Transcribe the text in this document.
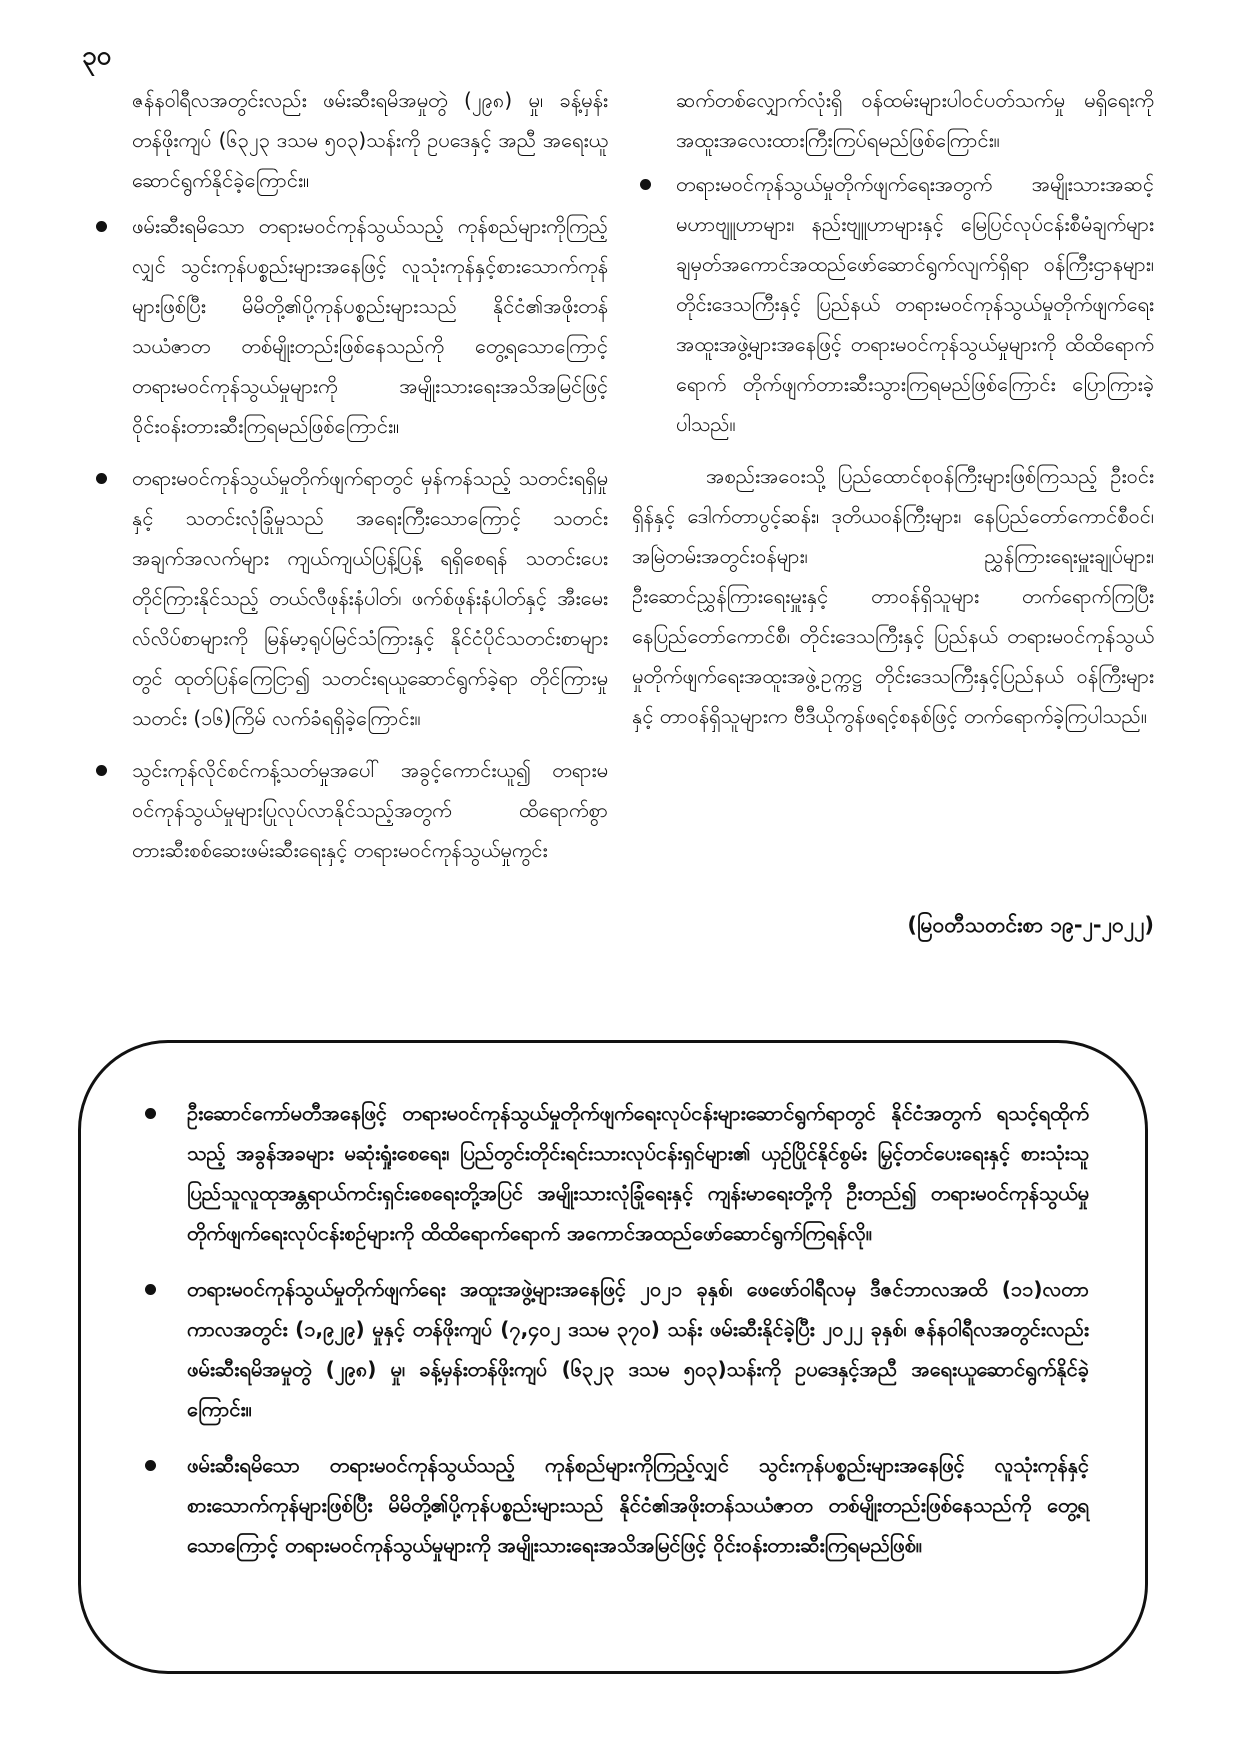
၃၀

ဇန်နဝါရီလအတွင်းလည်း ဖမ်းဆီးရမိအမှုတွဲ (၂၉၈) မှု၊ ခန့်မှန်းတန်ဖိုးကျပ် (၆၃၂၃ ဒသမ ၅၀၃)သန်းကို ဥပဒေနှင့် အညီ အရေးယူဆောင်ရွက်နိုင်ခဲ့ကြောင်း။

ဖမ်းဆီးရမိသော တရားမဝင်ကုန်သွယ်သည့် ကုန်စည်များကိုကြည့်လျှင် သွင်းကုန်ပစ္စည်းများအနေဖြင့် လူသုံးကုန်နှင့်စားသောက်ကုန်များဖြစ်ပြီး မိမိတို့၏ပို့ကုန်ပစ္စည်းများသည် နိုင်ငံ၏အဖိုးတန်သယံဇာတ တစ်မျိုးတည်းဖြစ်နေသည်ကို တွေ့ရသောကြောင့် တရားမဝင်ကုန်သွယ်မှုများကို အမျိုးသားရေးအသိအမြင်ဖြင့် ဝိုင်းဝန်းတားဆီးကြရမည်ဖြစ်ကြောင်း။
တရားမဝင်ကုန်သွယ်မှုတိုက်ဖျက်ရာတွင် မှန်ကန်သည့် သတင်းရရှိမှုနှင့် သတင်းလုံခြုံမှုသည် အရေးကြီးသောကြောင့် သတင်းအချက်အလက်များ ကျယ်ကျယ်ပြန့်ပြန့် ရရှိစေရန် သတင်းပေးတိုင်ကြားနိုင်သည့် တယ်လီဖုန်းနံပါတ်၊ ဖက်စ်ဖုန်းနံပါတ်နှင့် အီးမေးလ်လိပ်စာများကို မြန်မာ့ရုပ်မြင်သံကြားနှင့် နိုင်ငံပိုင်သတင်းစာများတွင် ထုတ်ပြန်ကြေငြာ၍ သတင်းရယူဆောင်ရွက်ခဲ့ရာ တိုင်ကြားမှုသတင်း (၁၆)ကြိမ် လက်ခံရရှိခဲ့ကြောင်း။
သွင်းကုန်လိုင်စင်ကန့်သတ်မှုအပေါ် အခွင့်ကောင်းယူ၍ တရားမဝင်ကုန်သွယ်မှုများပြုလုပ်လာနိုင်သည့်အတွက် ထိရောက်စွာ တားဆီးစစ်ဆေးဖမ်းဆီးရေးနှင့် တရားမဝင်ကုန်သွယ်မှုကွင်း

ဆက်တစ်လျှောက်လုံးရှိ ဝန်ထမ်းများပါဝင်ပတ်သက်မှု မရှိရေးကို အထူးအလေးထားကြီးကြပ်ရမည်ဖြစ်ကြောင်း။

တရားမဝင်ကုန်သွယ်မှုတိုက်ဖျက်ရေးအတွက် အမျိုးသားအဆင့် မဟာဗျူဟာများ၊ နည်းဗျူဟာများနှင့် မြေပြင်လုပ်ငန်းစီမံချက်များ ချမှတ်အကောင်အထည်ဖော်ဆောင်ရွက်လျက်ရှိရာ ဝန်ကြီးဌာနများ၊ တိုင်းဒေသကြီးနှင့် ပြည်နယ် တရားမဝင်ကုန်သွယ်မှုတိုက်ဖျက်ရေး အထူးအဖွဲ့များအနေဖြင့် တရားမဝင်ကုန်သွယ်မှုများကို ထိထိရောက်ရောက် တိုက်ဖျက်တားဆီးသွားကြရမည်ဖြစ်ကြောင်း ပြောကြားခဲ့ပါသည်။

အစည်းအဝေးသို့ ပြည်ထောင်စုဝန်ကြီးများဖြစ်ကြသည့် ဦးဝင်းရှိန်နှင့် ဒေါက်တာပွင့်ဆန်း၊ ဒုတိယဝန်ကြီးများ၊ နေပြည်တော်ကောင်စီဝင်၊ အမြဲတမ်းအတွင်းဝန်များ၊ ညွှန်ကြားရေးမှူးချုပ်များ၊ ဦးဆောင်ညွှန်ကြားရေးမှူးနှင့် တာဝန်ရှိသူများ တက်ရောက်ကြပြီး နေပြည်တော်ကောင်စီ၊ တိုင်းဒေသကြီးနှင့် ပြည်နယ် တရားမဝင်ကုန်သွယ်မှုတိုက်ဖျက်ရေးအထူးအဖွဲ့ဥက္ကဋ္ဌ တိုင်းဒေသကြီးနှင့်ပြည်နယ် ဝန်ကြီးများနှင့် တာဝန်ရှိသူများက ဗီဒီယိုကွန်ဖရင့်စနစ်ဖြင့် တက်ရောက်ခဲ့ကြပါသည်။

(မြဝတီသတင်းစာ ၁၉-၂-၂၀၂၂)
ဦးဆောင်ကော်မတီအနေဖြင့် တရားမဝင်ကုန်သွယ်မှုတိုက်ဖျက်ရေးလုပ်ငန်းများဆောင်ရွက်ရာတွင် နိုင်ငံအတွက် ရသင့်ရထိုက်သည့် အခွန်အခများ မဆုံးရှုံးစေရေး၊ ပြည်တွင်းတိုင်းရင်းသားလုပ်ငန်းရှင်များ၏ ယှဉ်ပြိုင်နိုင်စွမ်း မြှင့်တင်ပေးရေးနှင့် စားသုံးသူပြည်သူလူထုအန္တရာယ်ကင်းရှင်းစေရေးတို့အပြင် အမျိုးသားလုံခြုံရေးနှင့် ကျန်းမာရေးတို့ကို ဦးတည်၍ တရားမဝင်ကုန်သွယ်မှုတိုက်ဖျက်ရေးလုပ်ငန်းစဉ်များကို ထိထိရောက်ရောက် အကောင်အထည်ဖော်ဆောင်ရွက်ကြရန်လို။
တရားမဝင်ကုန်သွယ်မှုတိုက်ဖျက်ရေး အထူးအဖွဲ့များအနေဖြင့် ၂၀၂၁ ခုနှစ်၊ ဖေဖော်ဝါရီလမှ ဒီဇင်ဘာလအထိ (၁၁)လတာ ကာလအတွင်း (၁,၉၂၉) မှုနှင့် တန်ဖိုးကျပ် (၇,၄၀၂ ဒသမ ၃၇၀) သန်း ဖမ်းဆီးနိုင်ခဲ့ပြီး ၂၀၂၂ ခုနှစ်၊ ဇန်နဝါရီလအတွင်းလည်း ဖမ်းဆီးရမိအမှုတွဲ (၂၉၈) မှု၊ ခန့်မှန်းတန်ဖိုးကျပ် (၆၃၂၃ ဒသမ ၅၀၃)သန်းကို ဥပဒေနှင့်အညီ အရေးယူဆောင်ရွက်နိုင်ခဲ့ကြောင်း။
ဖမ်းဆီးရမိသော တရားမဝင်ကုန်သွယ်သည့် ကုန်စည်များကိုကြည့်လျှင် သွင်းကုန်ပစ္စည်းများအနေဖြင့် လူသုံးကုန်နှင့် စားသောက်ကုန်များဖြစ်ပြီး မိမိတို့၏ပို့ကုန်ပစ္စည်းများသည် နိုင်ငံ၏အဖိုးတန်သယံဇာတ တစ်မျိုးတည်းဖြစ်နေသည်ကို တွေ့ရသောကြောင့် တရားမဝင်ကုန်သွယ်မှုများကို အမျိုးသားရေးအသိအမြင်ဖြင့် ဝိုင်းဝန်းတားဆီးကြရမည်ဖြစ်။
